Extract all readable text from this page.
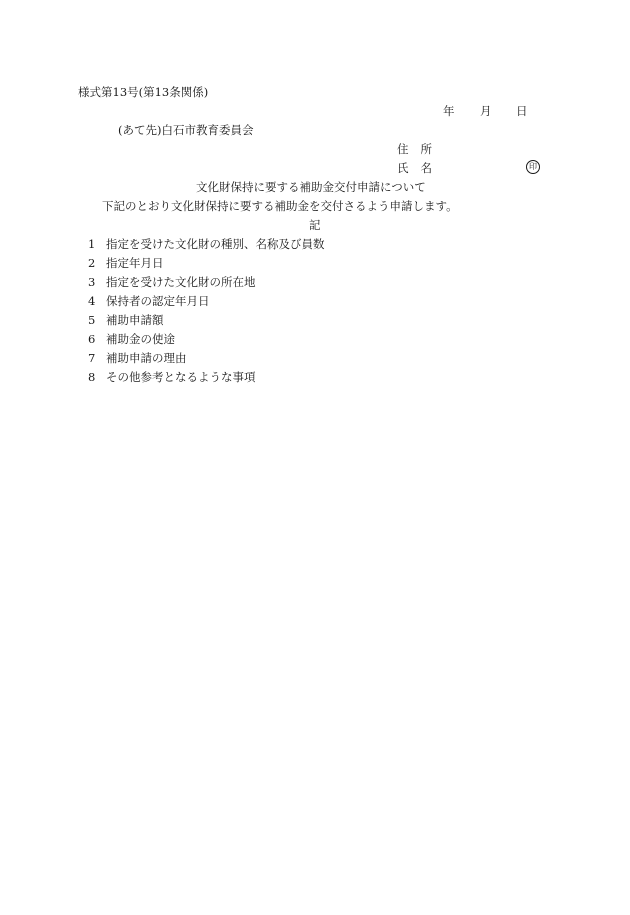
様式第13号(第13条関係)
年 月 日
(あて先)白石市教育委員会
住所
氏名	印
文化財保持に要する補助金交付申請について
下記のとおり文化財保持に要する補助金を交付さるよう申請します。
記
1 指定を受けた文化財の種別、名称及び員数
2 指定年月日
3 指定を受けた文化財の所在地
4 保持者の認定年月日
5 補助申請額
6 補助金の使途
7 補助申請の理由
8 その他参考となるような事項
